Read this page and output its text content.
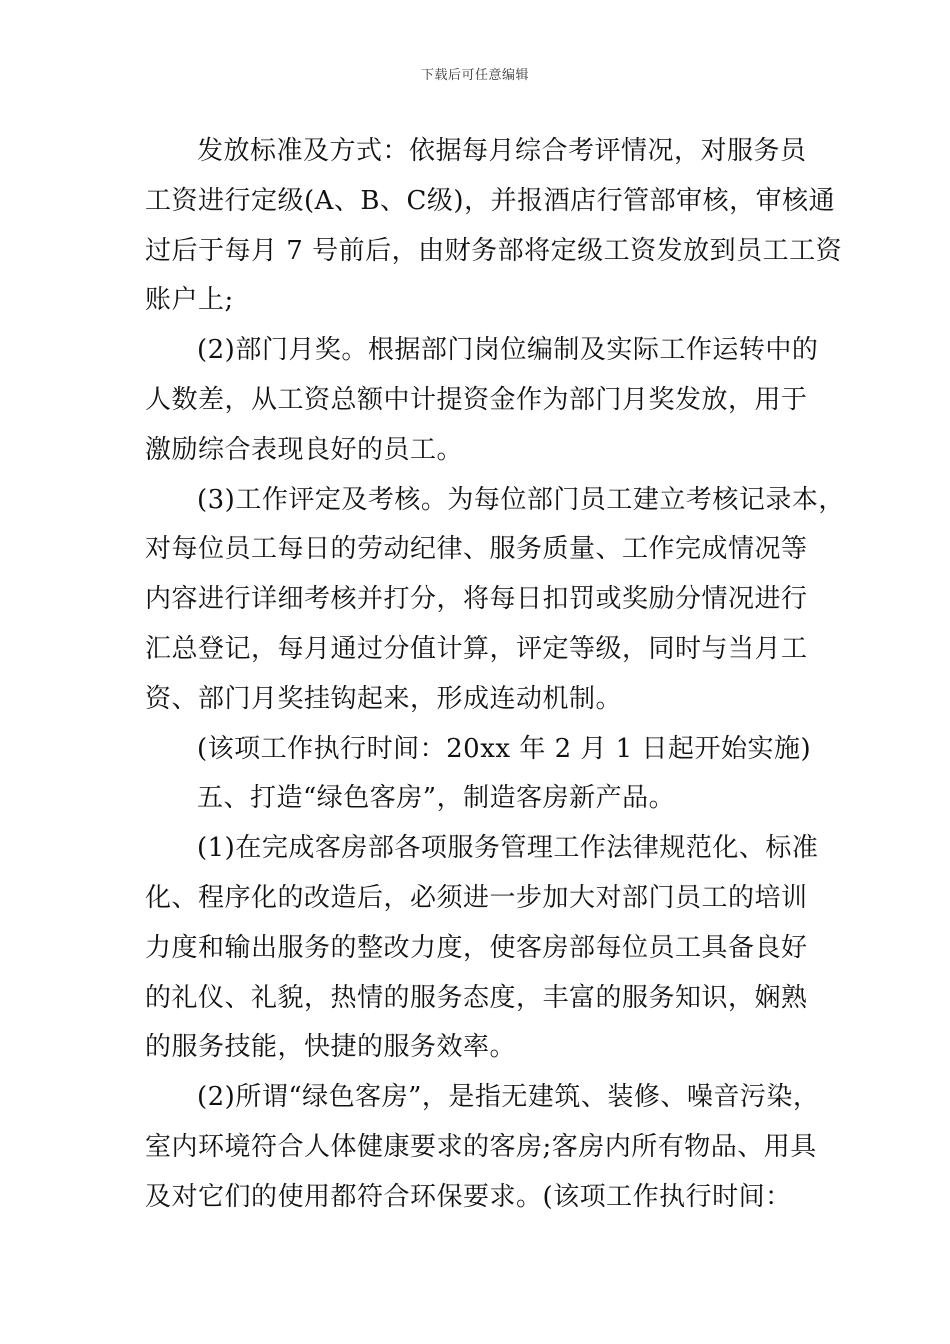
下载后可任意编辑
发放标准及方式：依据每月综合考评情况，对服务员
工资进行定级(A、B、C级)，并报酒店行管部审核，审核通
过后于每月 7 号前后，由财务部将定级工资发放到员工工资
账户上;
(2)部门月奖。根据部门岗位编制及实际工作运转中的
人数差，从工资总额中计提资金作为部门月奖发放，用于
激励综合表现良好的员工。
(3)工作评定及考核。为每位部门员工建立考核记录本，
对每位员工每日的劳动纪律、服务质量、工作完成情况等
内容进行详细考核并打分，将每日扣罚或奖励分情况进行
汇总登记，每月通过分值计算，评定等级，同时与当月工
资、部门月奖挂钩起来，形成连动机制。
(该项工作执行时间：20xx 年 2 月 1 日起开始实施)
五、打造“绿色客房”，制造客房新产品。
(1)在完成客房部各项服务管理工作法律规范化、标准
化、程序化的改造后，必须进一步加大对部门员工的培训
力度和输出服务的整改力度，使客房部每位员工具备良好
的礼仪、礼貌，热情的服务态度，丰富的服务知识，娴熟
的服务技能，快捷的服务效率。
(2)所谓“绿色客房”，是指无建筑、装修、噪音污染，
室内环境符合人体健康要求的客房;客房内所有物品、用具
及对它们的使用都符合环保要求。(该项工作执行时间：
